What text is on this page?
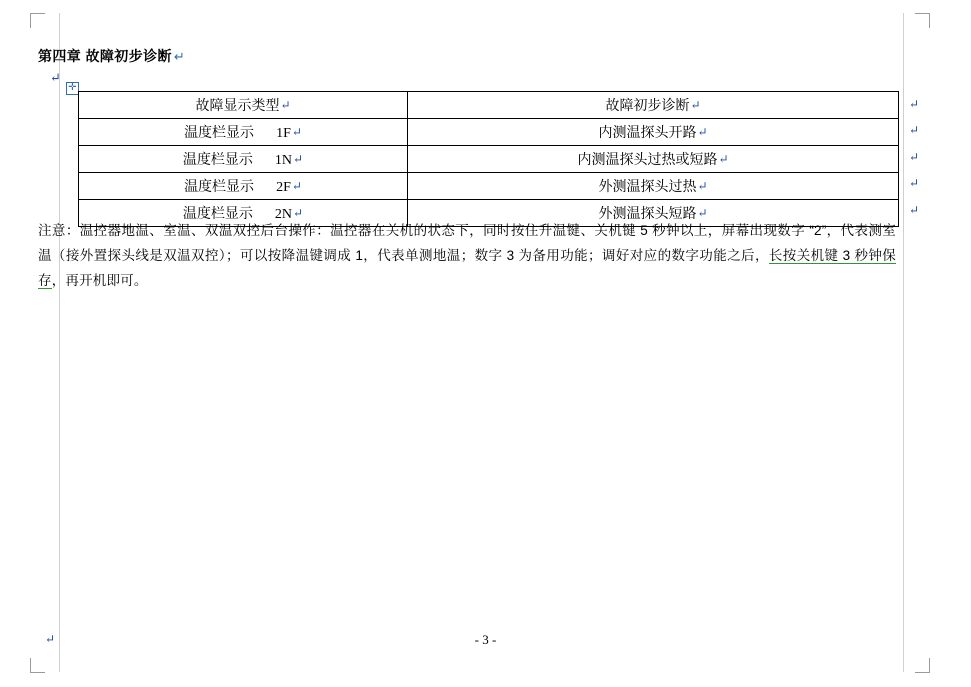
第四章 故障初步诊断 ↵
↵
✛
故障显示类型↵	故障初步诊断↵
温度栏显示 1F↵	内测温探头开路↵
温度栏显示 1N↵	内测温探头过热或短路↵
温度栏显示 2F↵	外测温探头过热↵
温度栏显示 2N↵	外测温探头短路↵
↵
↵
↵
↵
↵
注意：温控器地温、室温、双温双控后台操作：温控器在关机的状态下，同时按住升温键、关机键 5 秒钟以上，屏幕出现数字 “2”，代表测室温（接外置探头线是双温双控）；可以按降温键调成 1，代表单测地温；数字 3 为备用功能；调好对应的数字功能之后，长按关机键 3 秒钟保存，再开机即可。
↵	- 3 -
